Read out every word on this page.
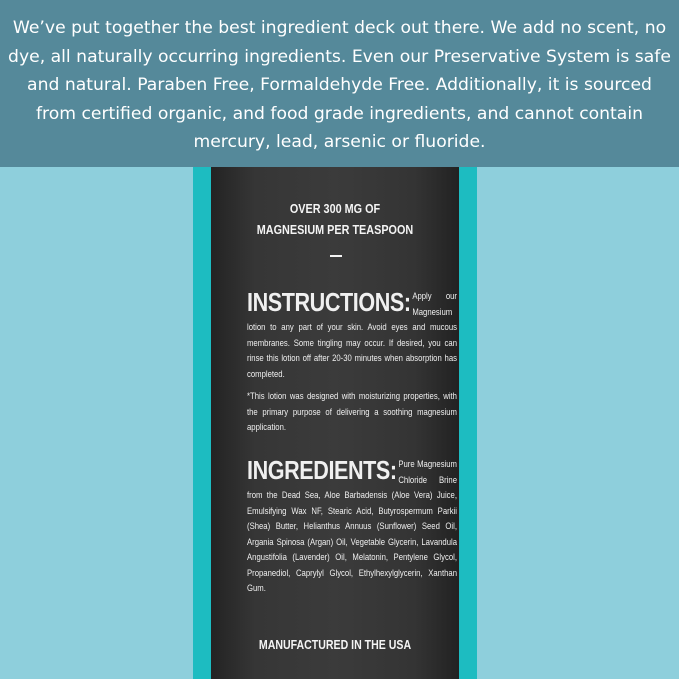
We’ve put together the best ingredient deck out there. We add no scent, no dye, all naturally occurring ingredients. Even our Preservative System is safe and natural. Paraben Free, Formaldehyde Free. Additionally, it is sourced from certified organic, and food grade ingredients, and cannot contain mercury, lead, arsenic or fluoride.

OVER 300 MG OF
MAGNESIUM PER TEASPOON
INSTRUCTIONS: Apply our Magnesium lotion to any part of your skin. Avoid eyes and mucous membranes. Some tingling may occur. If desired, you can rinse this lotion off after 20-30 minutes when absorption has completed.
*This lotion was designed with moisturizing properties, with the primary purpose of delivering a soothing magnesium application.
INGREDIENTS: Pure Magnesium Chloride Brine from the Dead Sea, Aloe Barbadensis (Aloe Vera) Juice, Emulsifying Wax NF, Stearic Acid, Butyrospermum Parkii (Shea) Butter, Helianthus Annuus (Sunflower) Seed Oil, Argania Spinosa (Argan) Oil, Vegetable Glycerin, Lavandula Angustifolia (Lavender) Oil, Melatonin, Pentylene Glycol, Propanediol, Caprylyl Glycol, Ethylhexylglycerin, Xanthan Gum.
MANUFACTURED IN THE USA
